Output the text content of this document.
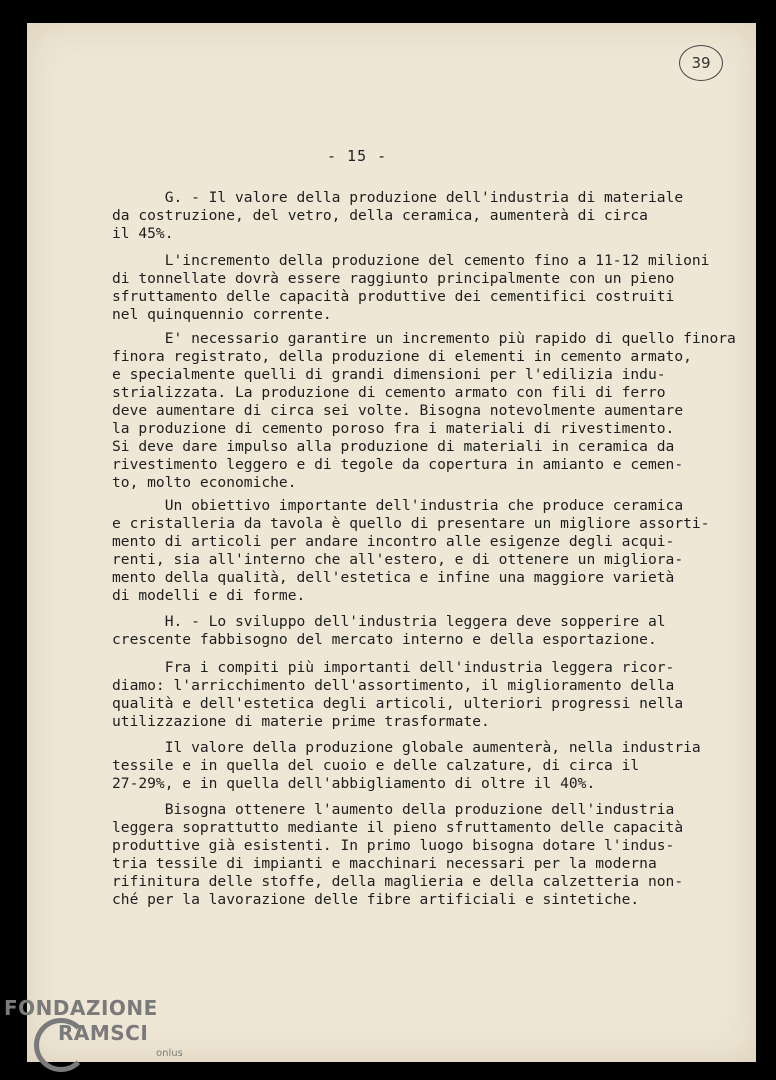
39
- 15 -
G. - Il valore della produzione dell'industria di materiale
da costruzione, del vetro, della ceramica, aumenterà di circa
il 45%.
L'incremento della produzione del cemento fino a 11-12 milioni
di tonnellate dovrà essere raggiunto principalmente con un pieno
sfruttamento delle capacità produttive dei cementifici costruiti
nel quinquennio corrente.
E' necessario garantire un incremento più rapido di quello finora
finora registrato, della produzione di elementi in cemento armato,
e specialmente quelli di grandi dimensioni per l'edilizia indu-
strializzata. La produzione di cemento armato con fili di ferro
deve aumentare di circa sei volte. Bisogna notevolmente aumentare
la produzione di cemento poroso fra i materiali di rivestimento.
Si deve dare impulso alla produzione di materiali in ceramica da
rivestimento leggero e di tegole da copertura in amianto e cemen-
to, molto economiche.
Un obiettivo importante dell'industria che produce ceramica
e cristalleria da tavola è quello di presentare un migliore assorti-
mento di articoli per andare incontro alle esigenze degli acqui-
renti, sia all'interno che all'estero, e di ottenere un migliora-
mento della qualità, dell'estetica e infine una maggiore varietà
di modelli e di forme.
H. - Lo sviluppo dell'industria leggera deve sopperire al
crescente fabbisogno del mercato interno e della esportazione.
Fra i compiti più importanti dell'industria leggera ricor-
diamo: l'arricchimento dell'assortimento, il miglioramento della
qualità e dell'estetica degli articoli, ulteriori progressi nella
utilizzazione di materie prime trasformate.
Il valore della produzione globale aumenterà, nella industria
tessile e in quella del cuoio e delle calzature, di circa il
27-29%, e in quella dell'abbigliamento di oltre il 40%.
Bisogna ottenere l'aumento della produzione dell'industria
leggera soprattutto mediante il pieno sfruttamento delle capacità
produttive già esistenti. In primo luogo bisogna dotare l'indus-
tria tessile di impianti e macchinari necessari per la moderna
rifinitura delle stoffe, della maglieria e della calzetteria non-
ché per la lavorazione delle fibre artificiali e sintetiche.
FONDAZIONE
RAMSCI
onlus
